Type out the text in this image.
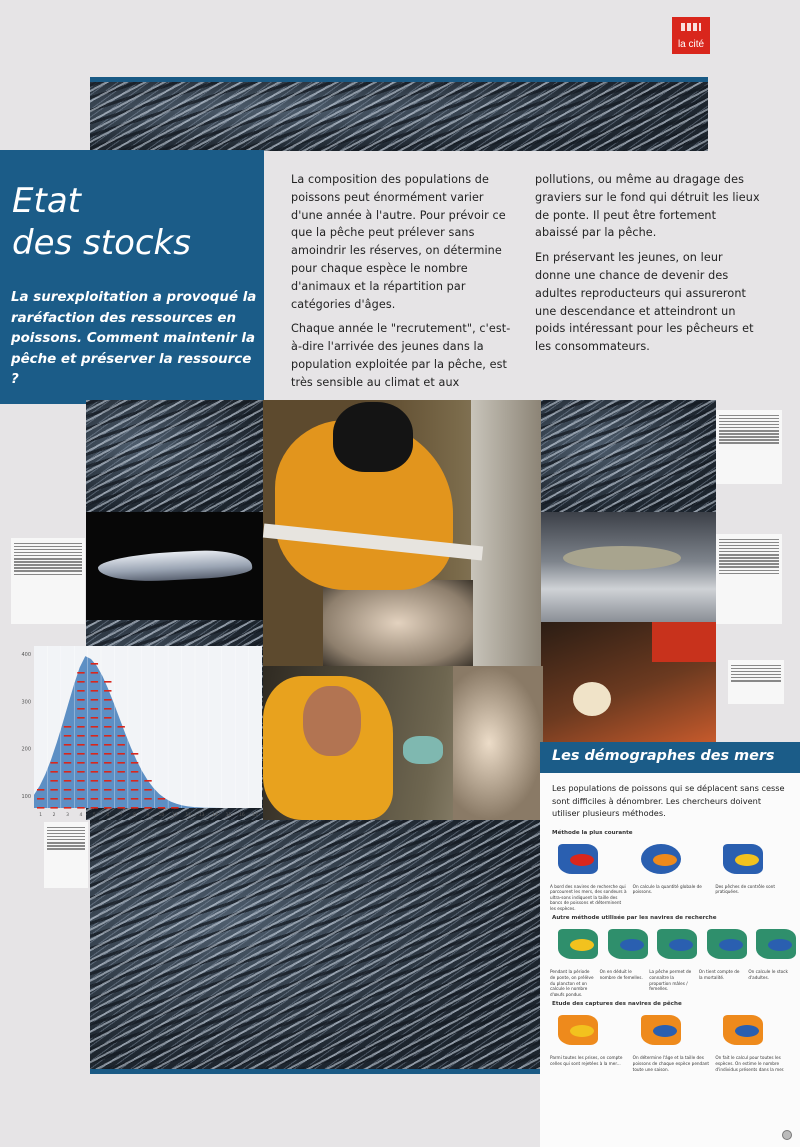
la cité
Etat
des stocks

La surexploitation a provoqué la raréfaction des ressources en poissons. Comment maintenir la pêche et préserver la ressource ?

La composition des populations de poissons peut énormément varier d'une année à l'autre. Pour prévoir ce que la pêche peut prélever sans amoindrir les réserves, on détermine pour chaque espèce le nombre d'animaux et la répartition par catégories d'âges.

Chaque année le "recrutement", c'est-à-dire l'arrivée des jeunes dans la population exploitée par la pêche, est très sensible au climat et aux

pollutions, ou même au dragage des graviers sur le fond qui détruit les lieux de ponte. Il peut être fortement abaissé par la pêche.

En préservant les jeunes, on leur donne une chance de devenir des adultes reproducteurs qui assureront une descendance et atteindront un poids intéressant pour les pêcheurs et les consommateurs.

400
300
200
100
1 2 3 4 5 6 7 8 9 10 11 12 13 14 15 16 17
Les démographes des mers

Les populations de poissons qui se déplacent sans cesse sont difficiles à dénombrer. Les chercheurs doivent utiliser plusieurs méthodes.

Méthode la plus courante
A bord des navires de recherche qui parcourent les mers, des sondeurs à ultra-sons indiquent la taille des bancs de poissons et déterminent les espèces.
On calcule la quantité globale de poissons.
Des pêches de contrôle sont pratiquées.
Autre méthode utilisée par les navires de recherche
Pendant la période de ponte, on prélève du plancton et on calcule le nombre d'œufs pondus.
On en déduit le nombre de femelles.
La pêche permet de connaître la proportion mâles / femelles.
On tient compte de la mortalité.
On calcule le stock d'adultes.
Etude des captures des navires de pêche
Parmi toutes les prises, on compte celles qui sont rejetées à la mer...
On détermine l'âge et la taille des poissons de chaque espèce pendant toute une saison.
On fait le calcul pour toutes les espèces. On estime le nombre d'individus présents dans la mer.
